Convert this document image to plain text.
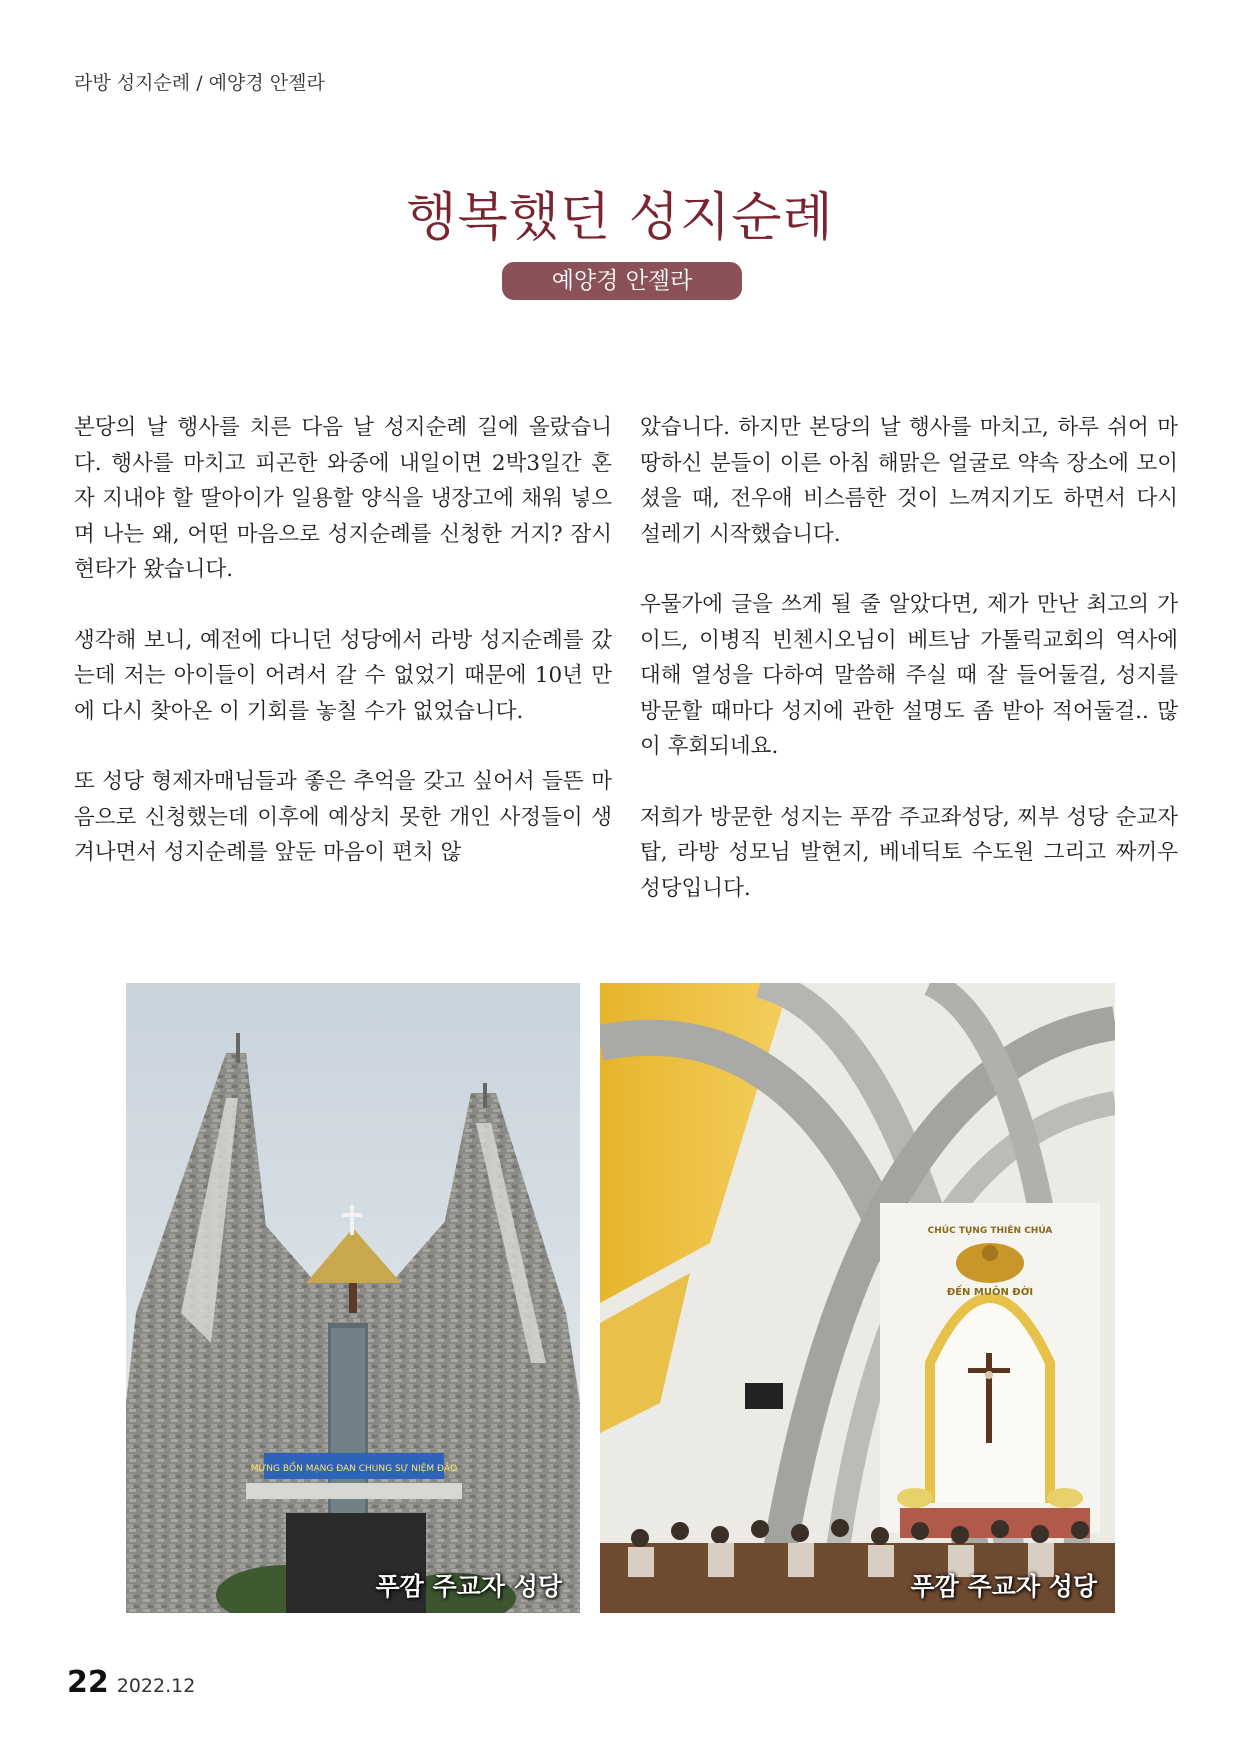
라방 성지순례 / 예양경 안젤라
행복했던 성지순례
예양경 안젤라

본당의 날 행사를 치른 다음 날 성지순례 길에 올랐습니다. 행사를 마치고 피곤한 와중에 내일이면 2박3일간 혼자 지내야 할 딸아이가 일용할 양식을 냉장고에 채워 넣으며 나는 왜, 어떤 마음으로 성지순례를 신청한 거지? 잠시 현타가 왔습니다.

생각해 보니, 예전에 다니던 성당에서 라방 성지순례를 갔는데 저는 아이들이 어려서 갈 수 없었기 때문에 10년 만에 다시 찾아온 이 기회를 놓칠 수가 없었습니다.

또 성당 형제자매님들과 좋은 추억을 갖고 싶어서 들뜬 마음으로 신청했는데 이후에 예상치 못한 개인 사정들이 생겨나면서 성지순례를 앞둔 마음이 편치 않

았습니다. 하지만 본당의 날 행사를 마치고, 하루 쉬어 마땅하신 분들이 이른 아침 해맑은 얼굴로 약속 장소에 모이셨을 때, 전우애 비스름한 것이 느껴지기도 하면서 다시 설레기 시작했습니다.

우물가에 글을 쓰게 될 줄 알았다면, 제가 만난 최고의 가이드, 이병직 빈첸시오님이 베트남 가톨릭교회의 역사에 대해 열성을 다하여 말씀해 주실 때 잘 들어둘걸, 성지를 방문할 때마다 성지에 관한 설명도 좀 받아 적어둘걸.. 많이 후회되네요.

저희가 방문한 성지는 푸깜 주교좌성당, 찌부 성당 순교자탑, 라방 성모님 발현지, 베네딕토 수도원 그리고 짜끼우 성당입니다.

MỪNG BỔN MẠNG ĐAN CHUNG SỰ NIỆM ĐẢO
푸깜 주교자 성당
CHÚC TỤNG THIÊN CHÚA
ĐẾN MUÔN ĐỜI
푸깜 주교자 성당
22 2022.12
